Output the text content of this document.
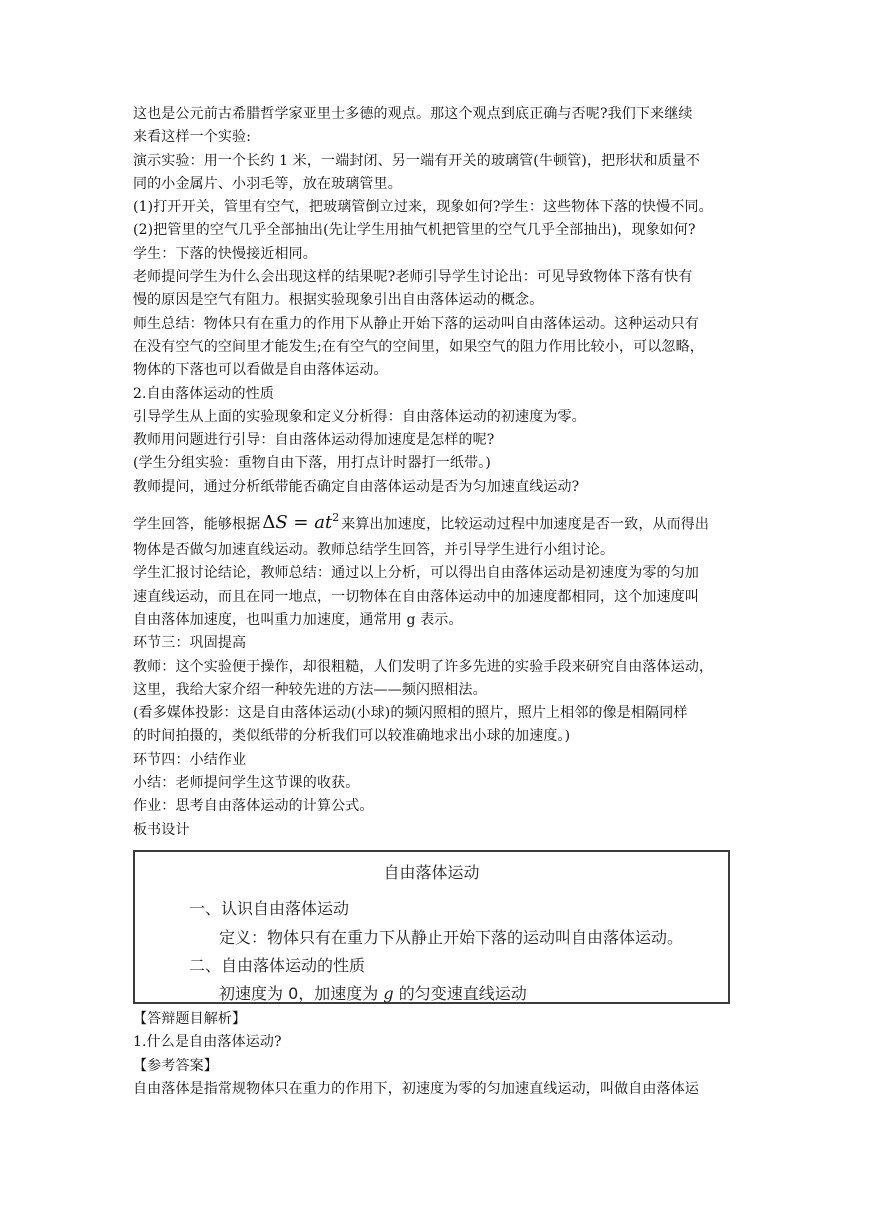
这也是公元前古希腊哲学家亚里士多德的观点。那这个观点到底正确与否呢?我们下来继续
来看这样一个实验:
演示实验：用一个长约 1 米，一端封闭、另一端有开关的玻璃管(牛顿管)，把形状和质量不
同的小金属片、小羽毛等，放在玻璃管里。
(1)打开开关，管里有空气，把玻璃管倒立过来，现象如何?学生：这些物体下落的快慢不同。
(2)把管里的空气几乎全部抽出(先让学生用抽气机把管里的空气几乎全部抽出)，现象如何?
学生：下落的快慢接近相同。
老师提问学生为什么会出现这样的结果呢?老师引导学生讨论出：可见导致物体下落有快有
慢的原因是空气有阻力。根据实验现象引出自由落体运动的概念。
师生总结：物体只有在重力的作用下从静止开始下落的运动叫自由落体运动。这种运动只有
在没有空气的空间里才能发生;在有空气的空间里，如果空气的阻力作用比较小，可以忽略，
物体的下落也可以看做是自由落体运动。
2.自由落体运动的性质
引导学生从上面的实验现象和定义分析得：自由落体运动的初速度为零。
教师用问题进行引导：自由落体运动得加速度是怎样的呢?
(学生分组实验：重物自由下落，用打点计时器打一纸带。)
教师提问，通过分析纸带能否确定自由落体运动是否为匀加速直线运动?
学生回答，能够根据 $\Delta S = at^2$ 来算出加速度，比较运动过程中加速度是否一致，从而得出
物体是否做匀加速直线运动。教师总结学生回答，并引导学生进行小组讨论。
学生汇报讨论结论，教师总结：通过以上分析，可以得出自由落体运动是初速度为零的匀加
速直线运动，而且在同一地点，一切物体在自由落体运动中的加速度都相同，这个加速度叫
自由落体加速度，也叫重力加速度，通常用 g 表示。
环节三：巩固提高
教师：这个实验便于操作，却很粗糙，人们发明了许多先进的实验手段来研究自由落体运动，
这里，我给大家介绍一种较先进的方法——频闪照相法。
(看多媒体投影：这是自由落体运动(小球)的频闪照相的照片，照片上相邻的像是相隔同样
的时间拍摄的，类似纸带的分析我们可以较准确地求出小球的加速度。)
环节四：小结作业
小结：老师提问学生这节课的收获。
作业：思考自由落体运动的计算公式。
板书设计
自由落体运动
一、认识自由落体运动
定义：物体只有在重力下从静止开始下落的运动叫自由落体运动。
二、自由落体运动的性质
初速度为 0，加速度为 g 的匀变速直线运动
【答辩题目解析】
1.什么是自由落体运动?
【参考答案】
自由落体是指常规物体只在重力的作用下，初速度为零的匀加速直线运动，叫做自由落体运
